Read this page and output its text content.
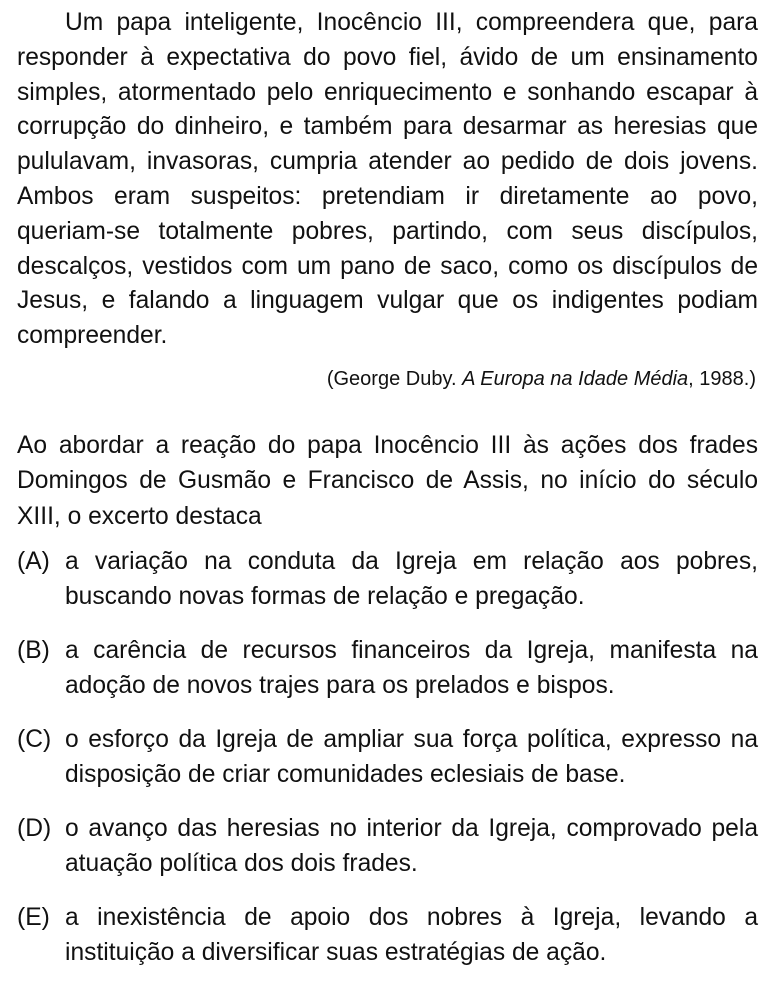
Um papa inteligente, Inocêncio III, compreendera que, para responder à expectativa do povo fiel, ávido de um ensinamento simples, atormentado pelo enriquecimento e sonhando escapar à corrupção do dinheiro, e também para desarmar as heresias que pululavam, invasoras, cumpria atender ao pedido de dois jovens. Ambos eram suspeitos: pretendiam ir diretamente ao povo, queriam-se totalmente pobres, partindo, com seus discípulos, descalços, vestidos com um pano de saco, como os discípulos de Jesus, e falando a linguagem vulgar que os indigentes podiam compreender.

(George Duby. A Europa na Idade Média, 1988.)

Ao abordar a reação do papa Inocêncio III às ações dos frades Domingos de Gusmão e Francisco de Assis, no início do século XIII, o excerto destaca

(A) a variação na conduta da Igreja em relação aos pobres, buscando novas formas de relação e pregação.
(B) a carência de recursos financeiros da Igreja, manifesta na adoção de novos trajes para os prelados e bispos.
(C) o esforço da Igreja de ampliar sua força política, expresso na disposição de criar comunidades eclesiais de base.
(D) o avanço das heresias no interior da Igreja, comprovado pela atuação política dos dois frades.
(E) a inexistência de apoio dos nobres à Igreja, levando a instituição a diversificar suas estratégias de ação.
